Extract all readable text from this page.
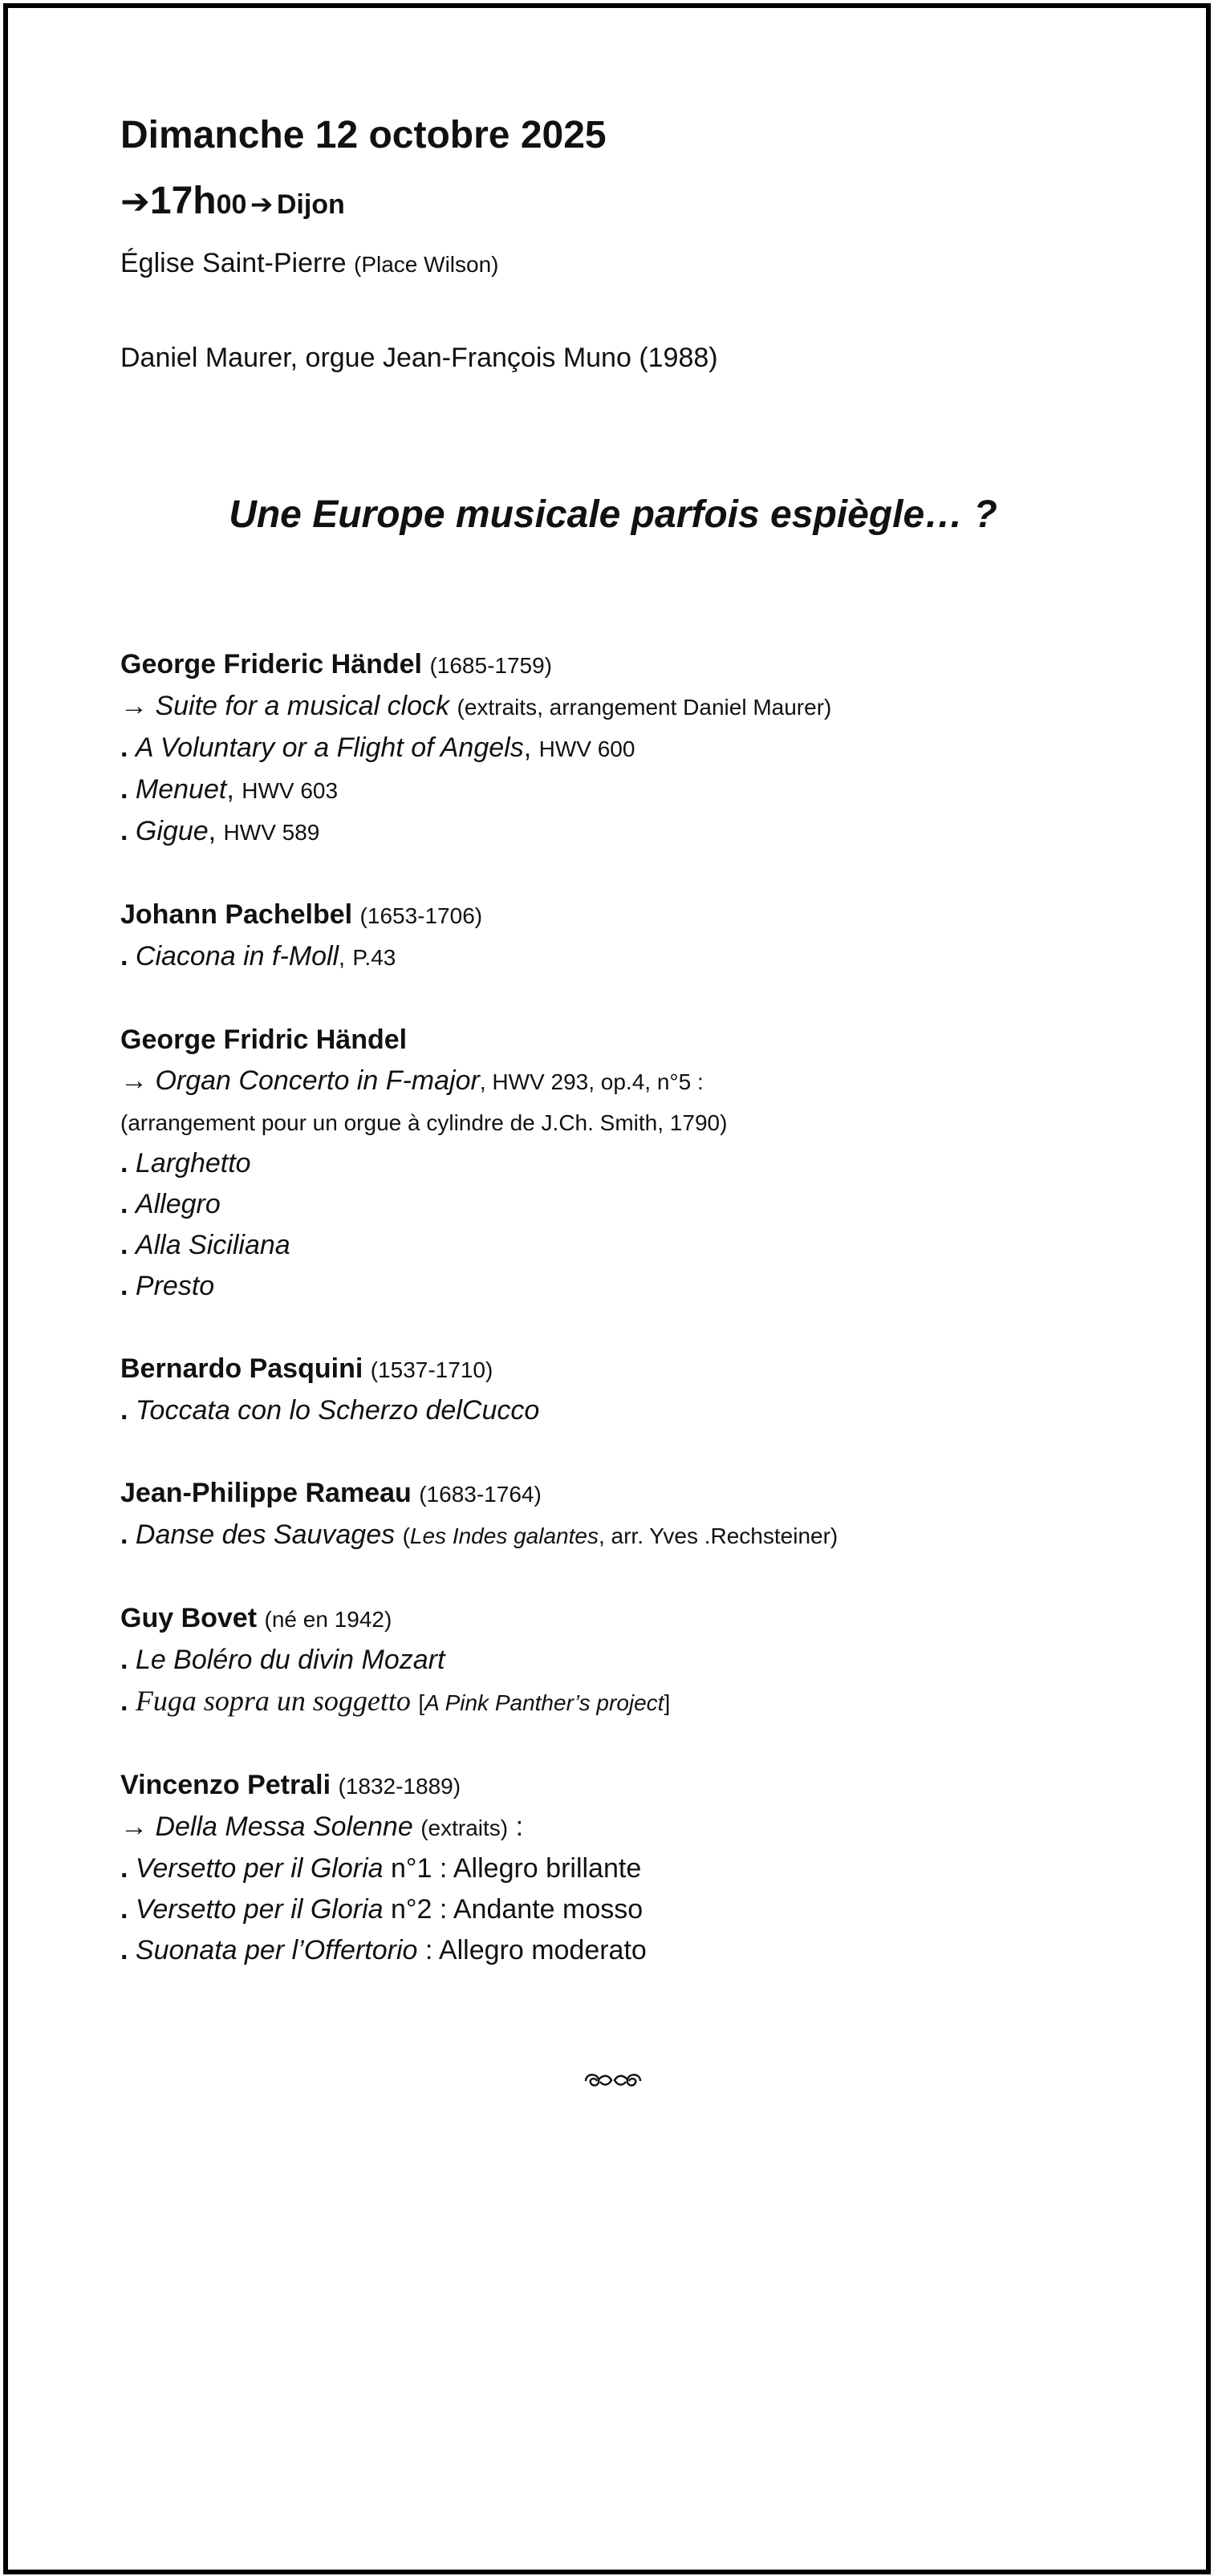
Dimanche 12 octobre 2025
➔17h00 ➔ Dijon
Église Saint-Pierre (Place Wilson)
Daniel Maurer, orgue Jean-François Muno (1988)
Une Europe musicale parfois espiègle… ?
George Frideric Händel (1685-1759)
→ Suite for a musical clock (extraits, arrangement Daniel Maurer)
. A Voluntary or a Flight of Angels, HWV 600
. Menuet, HWV 603
. Gigue, HWV 589
Johann Pachelbel (1653-1706)
. Ciacona in f-Moll, P.43
George Fridric Händel
→ Organ Concerto in F-major, HWV 293, op.4, n°5 :
(arrangement pour un orgue à cylindre de J.Ch. Smith, 1790)
. Larghetto
. Allegro
. Alla Siciliana
. Presto
Bernardo Pasquini (1537-1710)
. Toccata con lo Scherzo delCucco
Jean-Philippe Rameau (1683-1764)
. Danse des Sauvages (Les Indes galantes, arr. Yves .Rechsteiner)
Guy Bovet (né en 1942)
. Le Boléro du divin Mozart
. Fuga sopra un soggetto [A Pink Panther’s project]
Vincenzo Petrali (1832-1889)
→ Della Messa Solenne (extraits) :
. Versetto per il Gloria n°1 : Allegro brillante
. Versetto per il Gloria n°2 : Andante mosso
. Suonata per l’Offertorio : Allegro moderato
